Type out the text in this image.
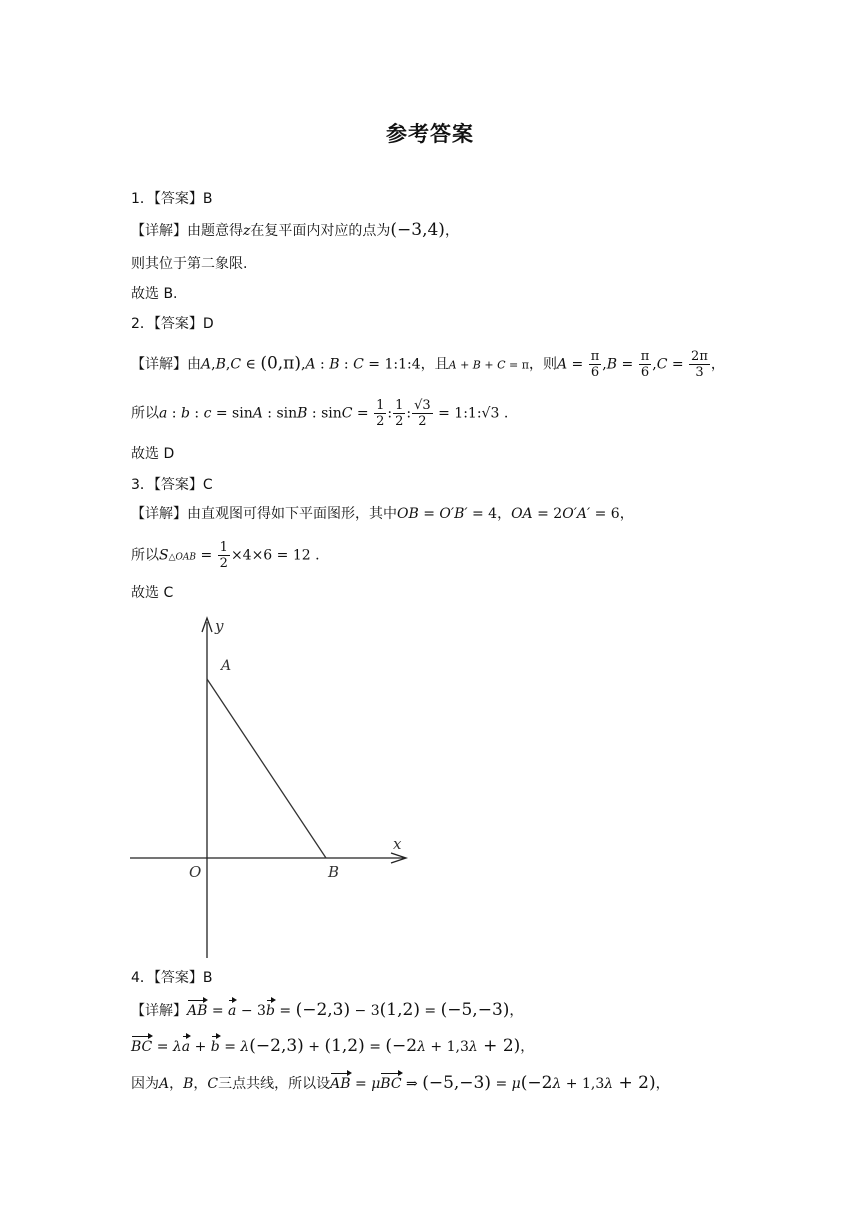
参考答案
1．【答案】B
【详解】由题意得z在复平面内对应的点为(−3,4)，
则其位于第二象限.
故选 B.
2．【答案】D
【详解】由A,B,C ∈ (0,π),A : B : C = 1:1:4，且A + B + C = π，则$A = \frac{\pi}{6} ,B = \frac{\pi}{6} ,C = \frac{2\pi}{3}$ ，
所以a : b : c = sinA : sinB : $\sin C = \frac{1}{2}$ : $\frac{1}{2}$ : $\frac{√3}{2}$ = 1:1:√3 .
故选 D
3．【答案】C
【详解】由直观图可得如下平面图形，其中OB = O′B′ = 4，OA = 2O′A′ = 6，
所以S△OAB = $\frac{1}{2} \times 4\times 6 = 12$ .
故选 C
y
A
x
O	B
4．【答案】B
【详解】AB = a − 3b = (−2,3) − 3(1,2) = (−5,−3)，
BC = λa + b = λ(−2,3) + (1,2) = (−2λ + 1,3λ + 2)，
因为A，B，C三点共线，所以设AB = μBC ⇒ (−5,−3) = μ(−2λ + 1,3λ + 2)，
